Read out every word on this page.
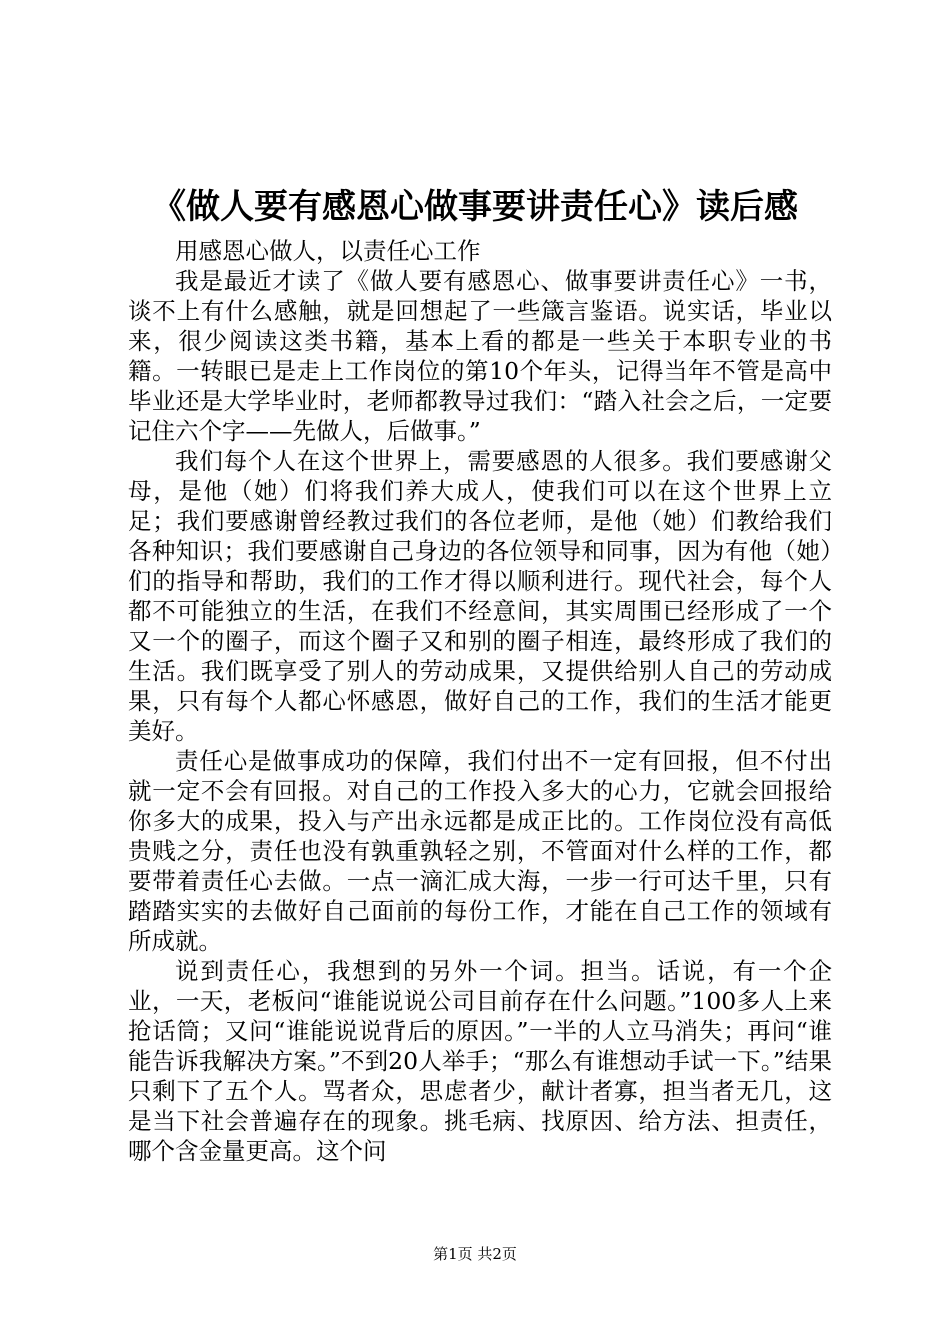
《做人要有感恩心做事要讲责任心》读后感

用感恩心做人，以责任心工作

我是最近才读了《做人要有感恩心、做事要讲责任心》一书，谈不上有什么感触，就是回想起了一些箴言鉴语。说实话，毕业以来，很少阅读这类书籍，基本上看的都是一些关于本职专业的书籍。一转眼已是走上工作岗位的第10个年头，记得当年不管是高中毕业还是大学毕业时，老师都教导过我们：“踏入社会之后，一定要记住六个字——先做人，后做事。”

我们每个人在这个世界上，需要感恩的人很多。我们要感谢父母，是他（她）们将我们养大成人，使我们可以在这个世界上立足；我们要感谢曾经教过我们的各位老师，是他（她）们教给我们各种知识；我们要感谢自己身边的各位领导和同事，因为有他（她）们的指导和帮助，我们的工作才得以顺利进行。现代社会，每个人都不可能独立的生活，在我们不经意间，其实周围已经形成了一个又一个的圈子，而这个圈子又和别的圈子相连，最终形成了我们的生活。我们既享受了别人的劳动成果，又提供给别人自己的劳动成果，只有每个人都心怀感恩，做好自己的工作，我们的生活才能更美好。

责任心是做事成功的保障，我们付出不一定有回报，但不付出就一定不会有回报。对自己的工作投入多大的心力，它就会回报给你多大的成果，投入与产出永远都是成正比的。工作岗位没有高低贵贱之分，责任也没有孰重孰轻之别，不管面对什么样的工作，都要带着责任心去做。一点一滴汇成大海，一步一行可达千里，只有踏踏实实的去做好自己面前的每份工作，才能在自己工作的领域有所成就。

说到责任心，我想到的另外一个词。担当。话说，有一个企业，一天，老板问“谁能说说公司目前存在什么问题。”100多人上来抢话筒；又问“谁能说说背后的原因。”一半的人立马消失；再问“谁能告诉我解决方案。”不到20人举手；“那么有谁想动手试一下。”结果只剩下了五个人。骂者众，思虑者少，献计者寡，担当者无几，这是当下社会普遍存在的现象。挑毛病、找原因、给方法、担责任，哪个含金量更高。这个问

第1页 共2页
